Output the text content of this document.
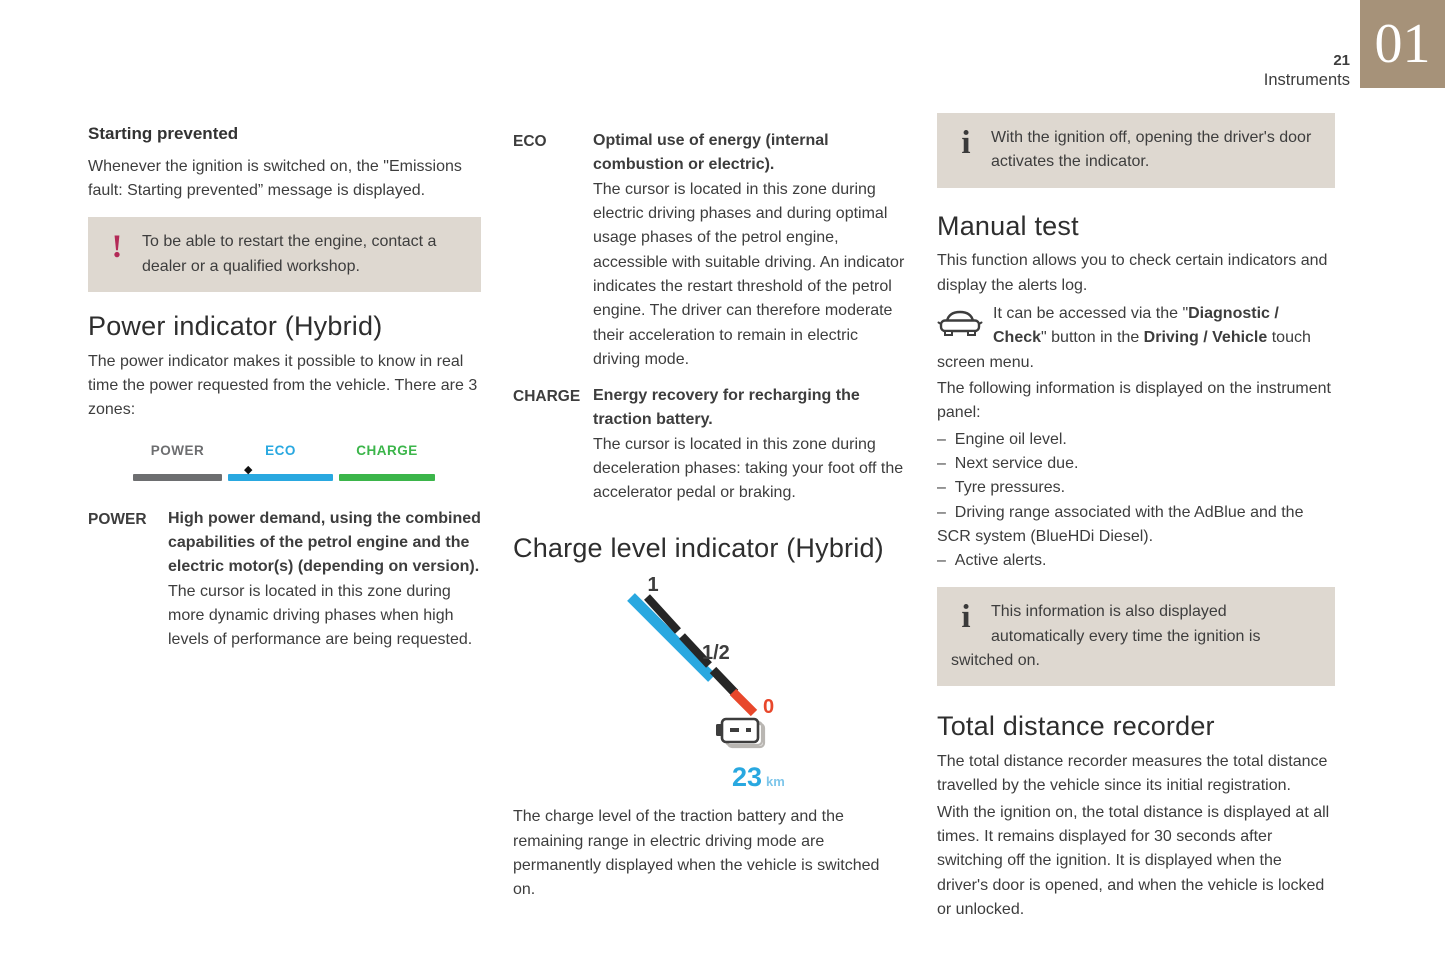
21
Instruments
01
Starting prevented

Whenever the ignition is switched on, the "Emissions fault: Starting prevented” message is displayed.

!	To be able to restart the engine, contact a dealer or a qualified workshop.
Power indicator (Hybrid)

The power indicator makes it possible to know in real time the power requested from the vehicle. There are 3 zones:

POWER	ECO	CHARGE
◆
POWER	High power demand, using the combined capabilities of the petrol engine and the electric motor(s) (depending on version).
The cursor is located in this zone during more dynamic driving phases when high levels of performance are being requested.
ECO	Optimal use of energy (internal combustion or electric).
The cursor is located in this zone during electric driving phases and during optimal usage phases of the petrol engine, accessible with suitable driving. An indicator indicates the restart threshold of the petrol engine. The driver can therefore moderate their acceleration to remain in electric driving mode.
CHARGE Energy recovery for recharging the traction battery.
The cursor is located in this zone during deceleration phases: taking your foot off the accelerator pedal or braking.
Charge level indicator (Hybrid)
1
1/2
0
23 km

The charge level of the traction battery and the remaining range in electric driving mode are permanently displayed when the vehicle is switched on.

i	With the ignition off, opening the driver's door activates the indicator.
Manual test

This function allows you to check certain indicators and display the alerts log.

It can be accessed via the "Diagnostic / Check" button in the Driving / Vehicle touch screen menu.

The following information is displayed on the instrument panel:

–  Engine oil level.
–  Next service due.
–  Tyre pressures.
–  Driving range associated with the AdBlue and the SCR system (BlueHDi Diesel).
–  Active alerts.
i	This information is also displayed automatically every time the ignition is switched on.
Total distance recorder

The total distance recorder measures the total distance travelled by the vehicle since its initial registration.

With the ignition on, the total distance is displayed at all times. It remains displayed for 30 seconds after switching off the ignition. It is displayed when the driver's door is opened, and when the vehicle is locked or unlocked.
